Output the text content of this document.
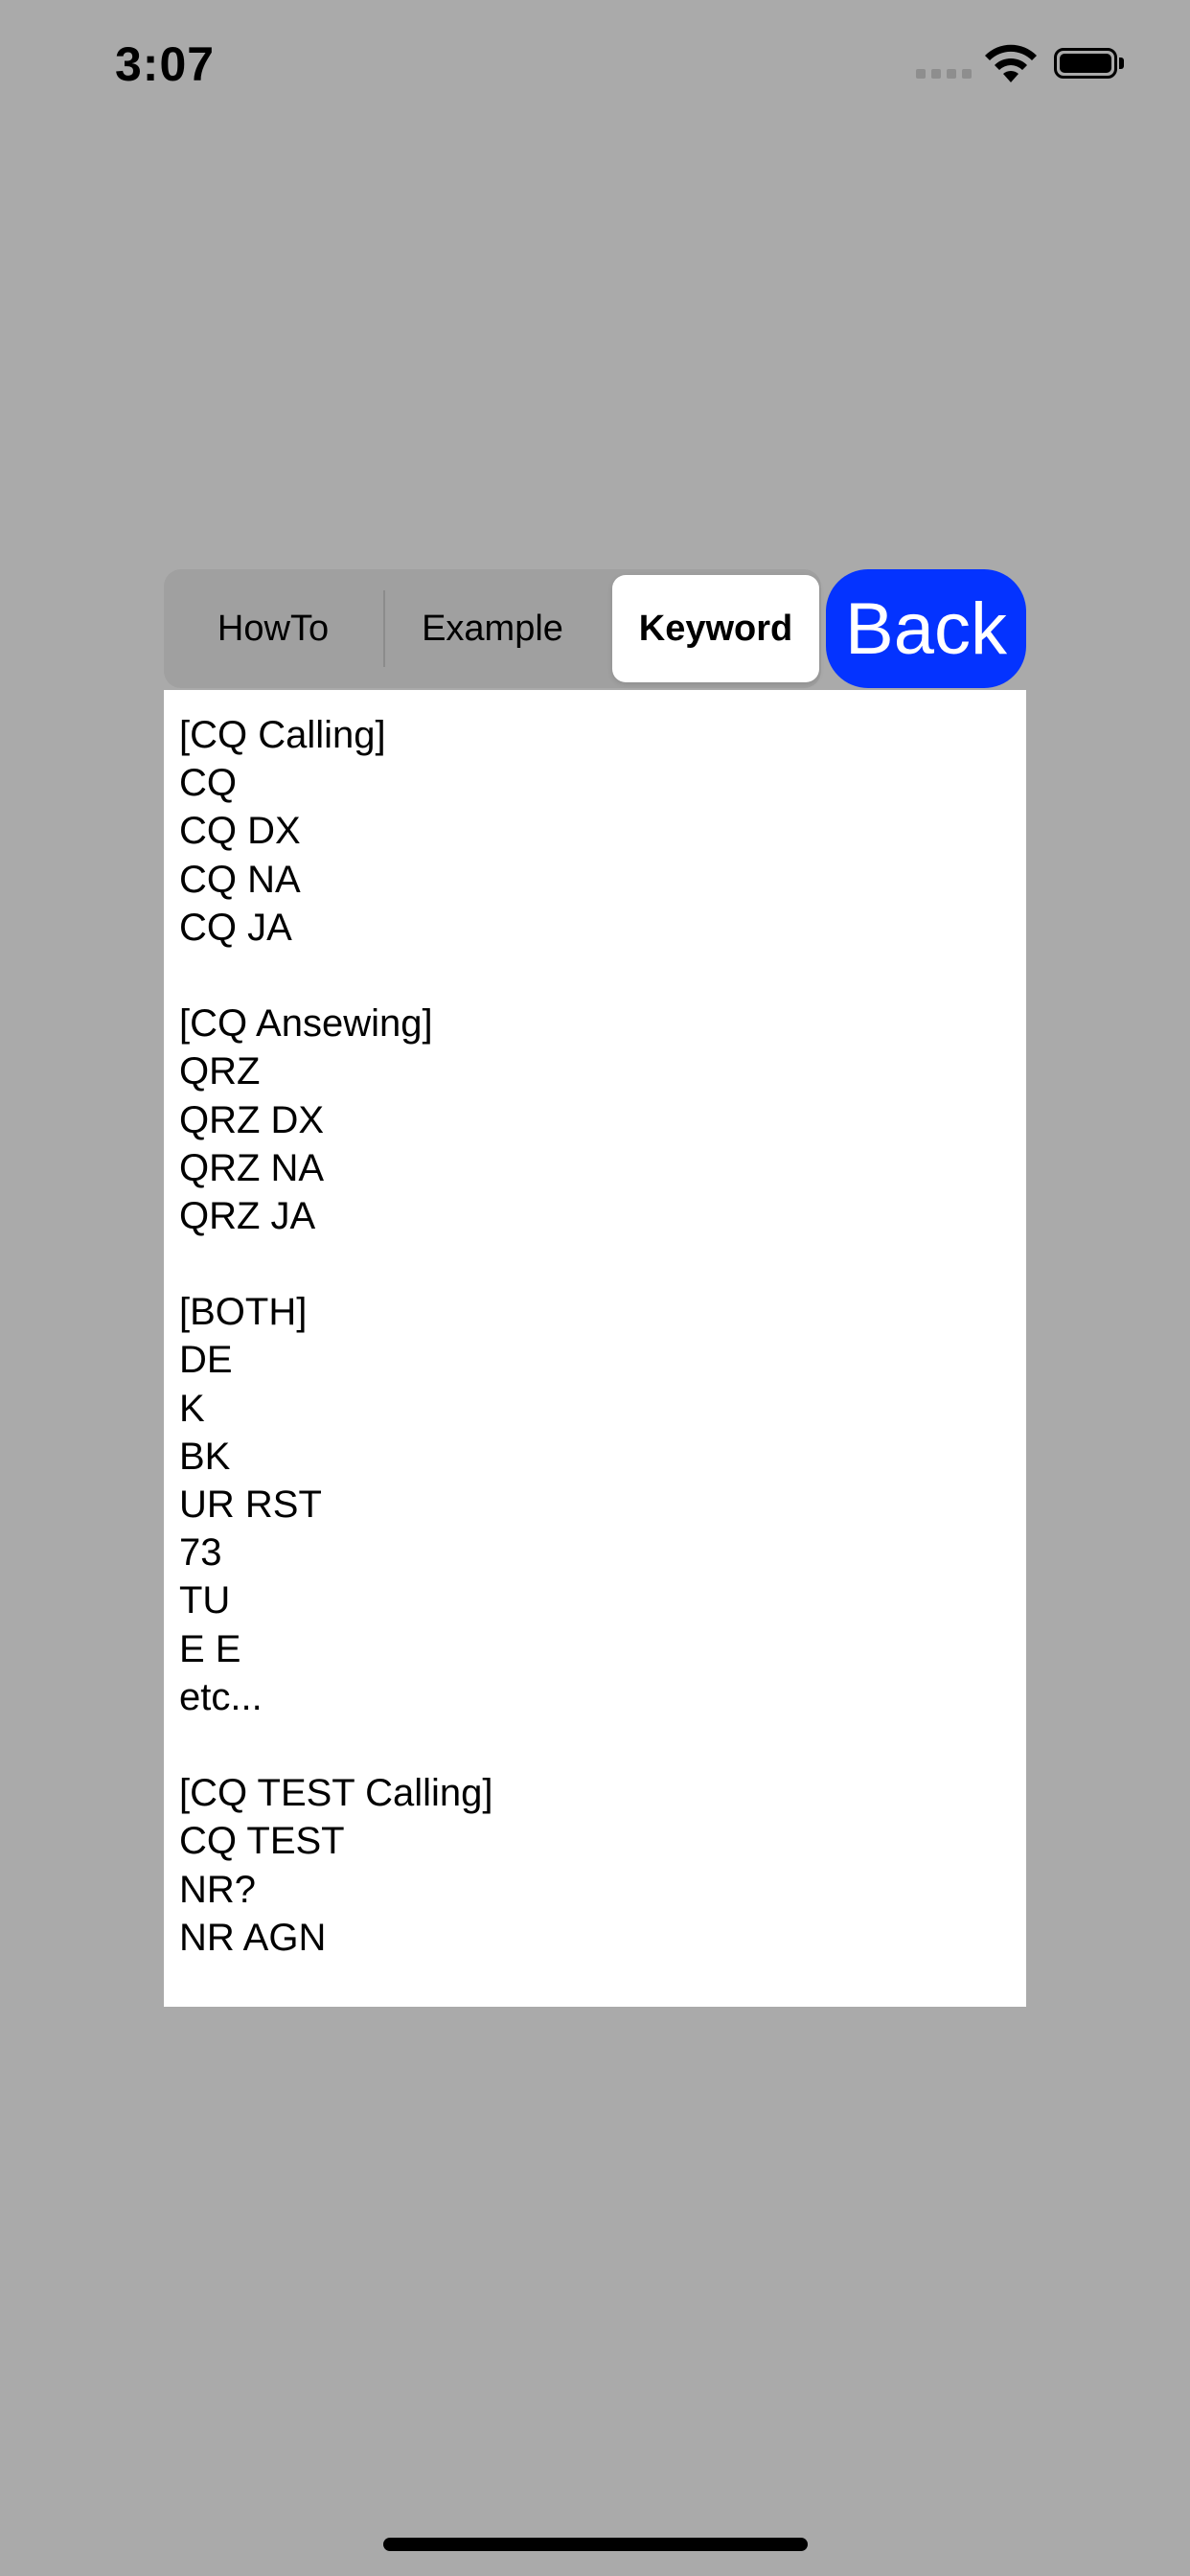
3:07
HowTo	Example	Keyword Back
[CQ Calling]
CQ
CQ DX
CQ NA
CQ JA
[CQ Ansewing]
QRZ
QRZ DX
QRZ NA
QRZ JA
[BOTH]
DE
K
BK
UR RST
73
TU
E E
etc...
[CQ TEST Calling]
CQ TEST
NR?
NR AGN
